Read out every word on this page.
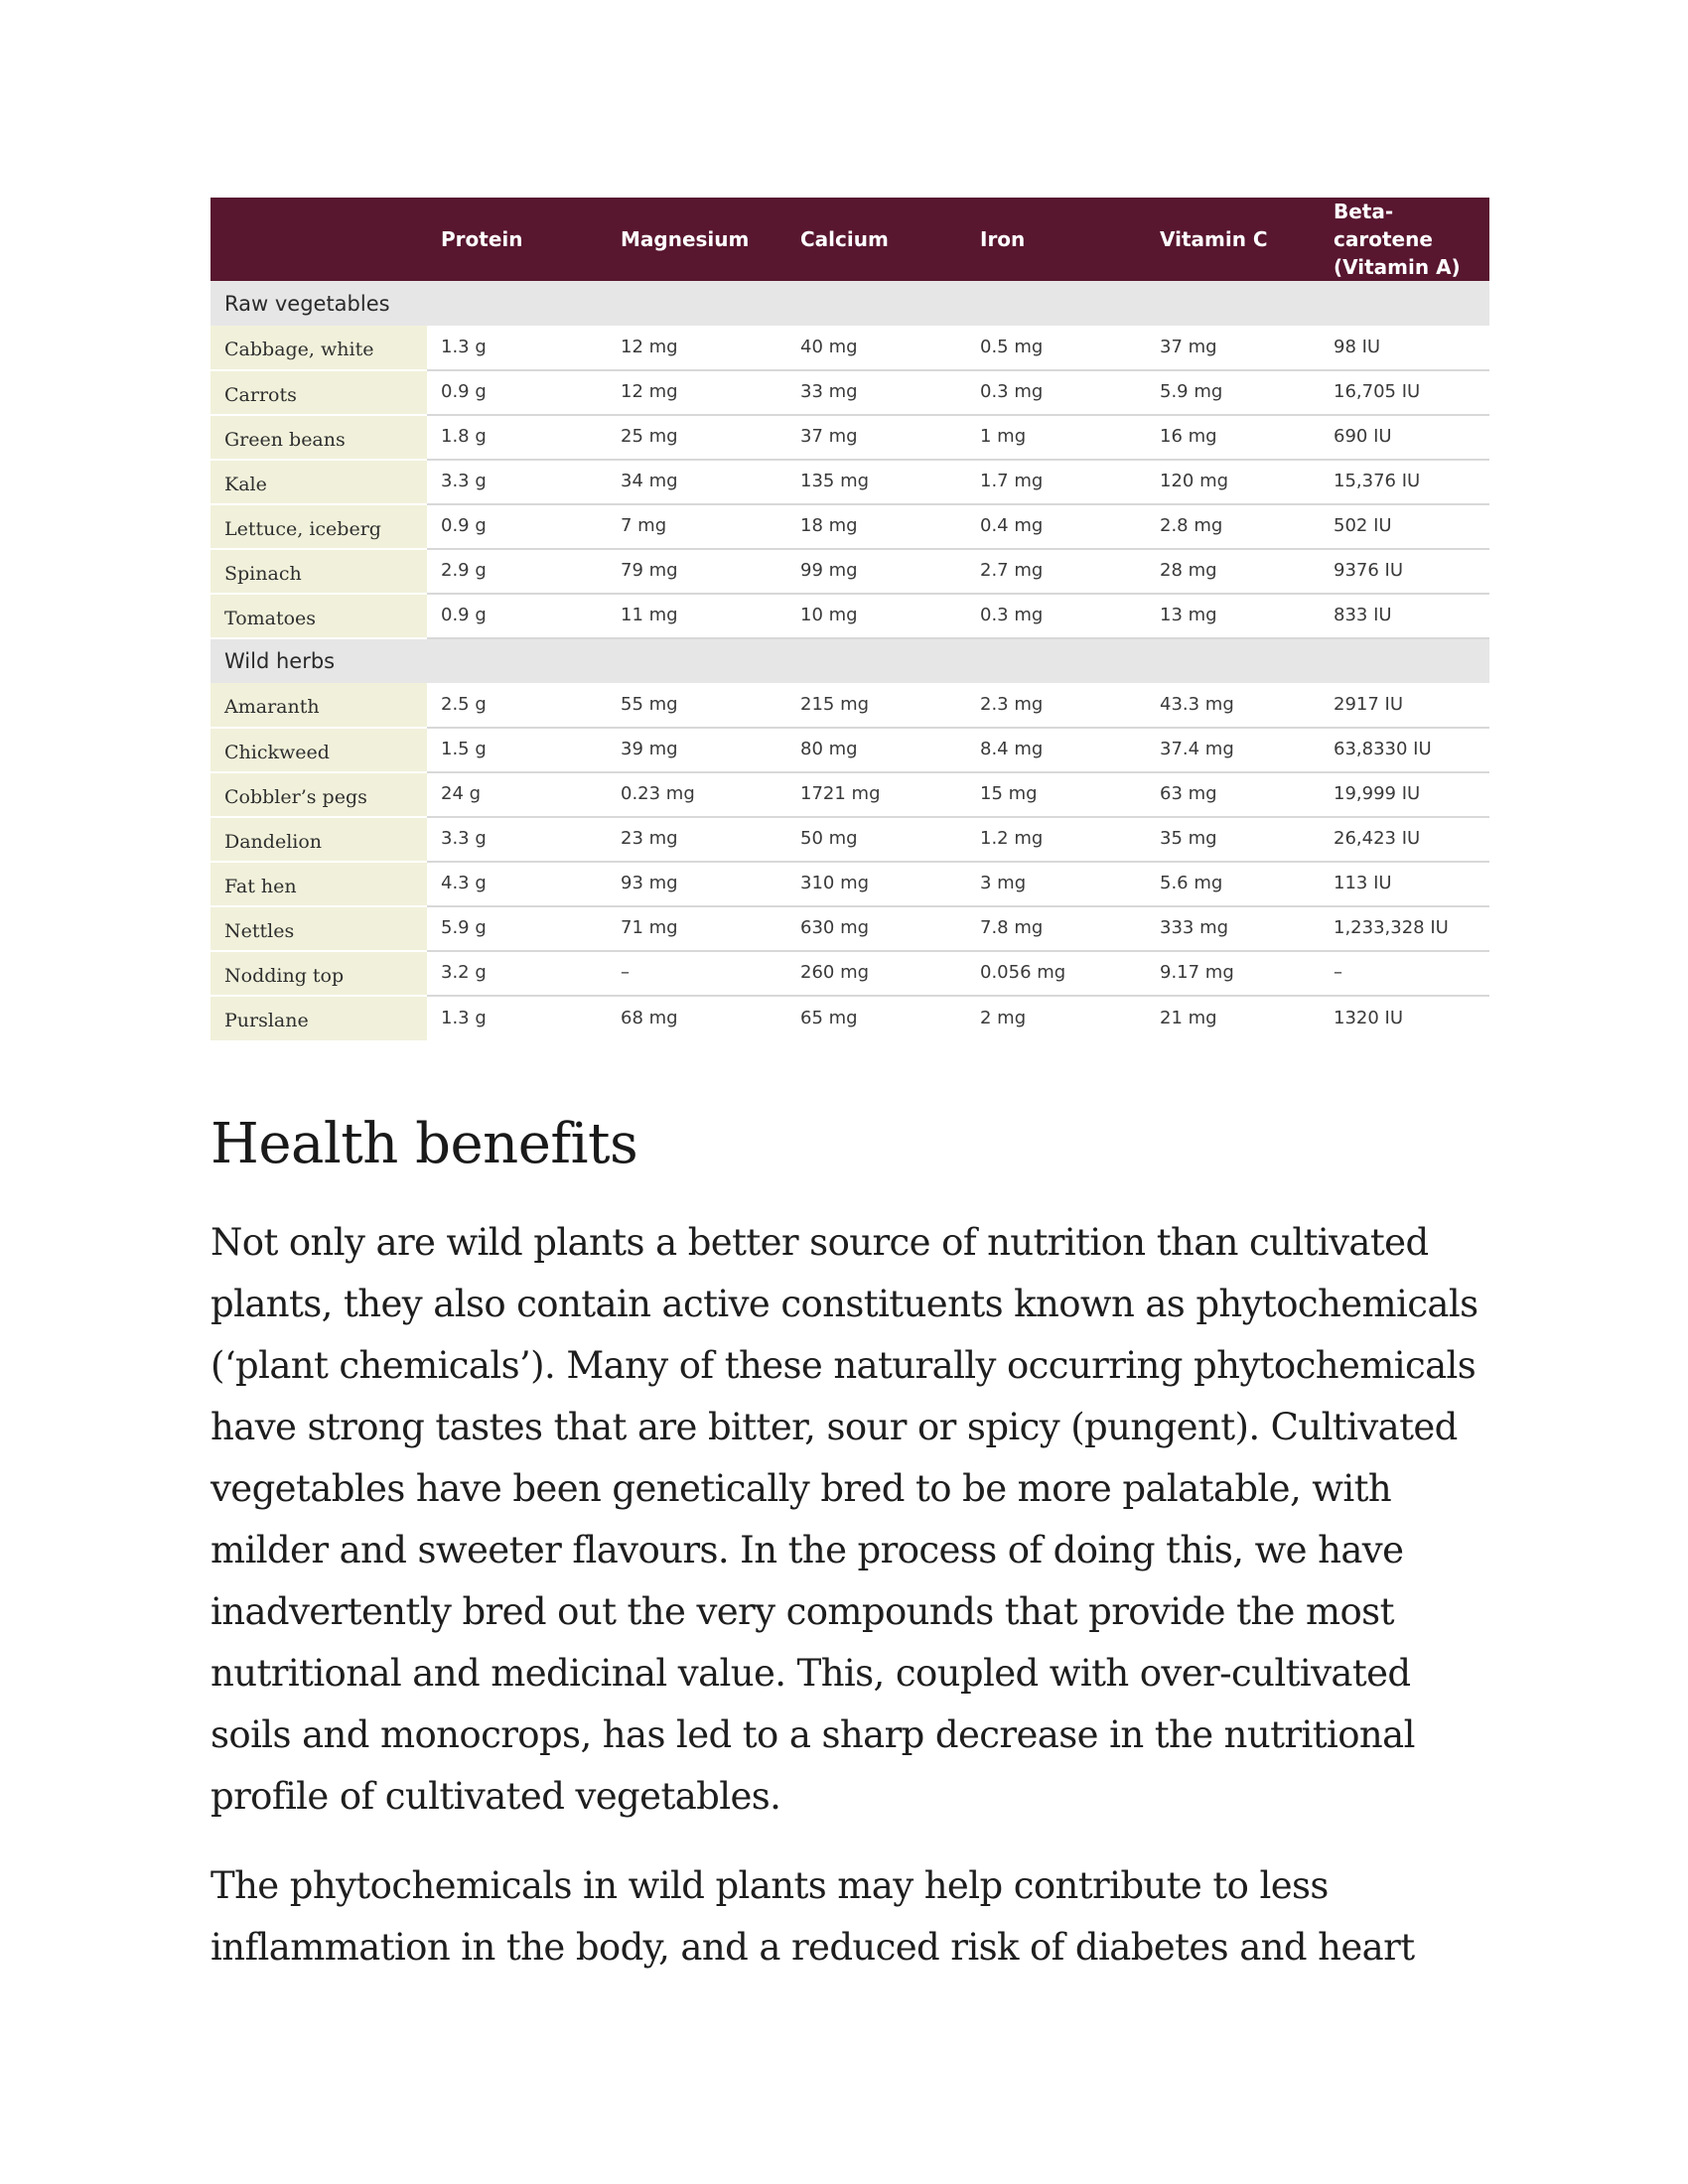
	Protein	Magnesium	Calcium	Iron	Vitamin C	Beta-carotene (Vitamin A)
Raw vegetables						
Cabbage, white	1.3 g	12 mg	40 mg	0.5 mg	37 mg	98 IU
Carrots	0.9 g	12 mg	33 mg	0.3 mg	5.9 mg	16,705 IU
Green beans	1.8 g	25 mg	37 mg	1 mg	16 mg	690 IU
Kale	3.3 g	34 mg	135 mg	1.7 mg	120 mg	15,376 IU
Lettuce, iceberg	0.9 g	7 mg	18 mg	0.4 mg	2.8 mg	502 IU
Spinach	2.9 g	79 mg	99 mg	2.7 mg	28 mg	9376 IU
Tomatoes	0.9 g	11 mg	10 mg	0.3 mg	13 mg	833 IU
Wild herbs						
Amaranth	2.5 g	55 mg	215 mg	2.3 mg	43.3 mg	2917 IU
Chickweed	1.5 g	39 mg	80 mg	8.4 mg	37.4 mg	63,8330 IU
Cobbler’s pegs	24 g	0.23 mg	1721 mg	15 mg	63 mg	19,999 IU
Dandelion	3.3 g	23 mg	50 mg	1.2 mg	35 mg	26,423 IU
Fat hen	4.3 g	93 mg	310 mg	3 mg	5.6 mg	113 IU
Nettles	5.9 g	71 mg	630 mg	7.8 mg	333 mg	1,233,328 IU
Nodding top	3.2 g	–	260 mg	0.056 mg	9.17 mg	–
Purslane	1.3 g	68 mg	65 mg	2 mg	21 mg	1320 IU
Health benefits

Not only are wild plants a better source of nutrition than cultivated plants, they also contain active constituents known as phytochemicals (‘plant chemicals’). Many of these naturally occurring phytochemicals have strong tastes that are bitter, sour or spicy (pungent). Cultivated vegetables have been genetically bred to be more palatable, with milder and sweeter flavours. In the process of doing this, we have inadvertently bred out the very compounds that provide the most nutritional and medicinal value. This, coupled with over-cultivated soils and monocrops, has led to a sharp decrease in the nutritional profile of cultivated vegetables.

The phytochemicals in wild plants may help contribute to less inflammation in the body, and a reduced risk of diabetes and heart
